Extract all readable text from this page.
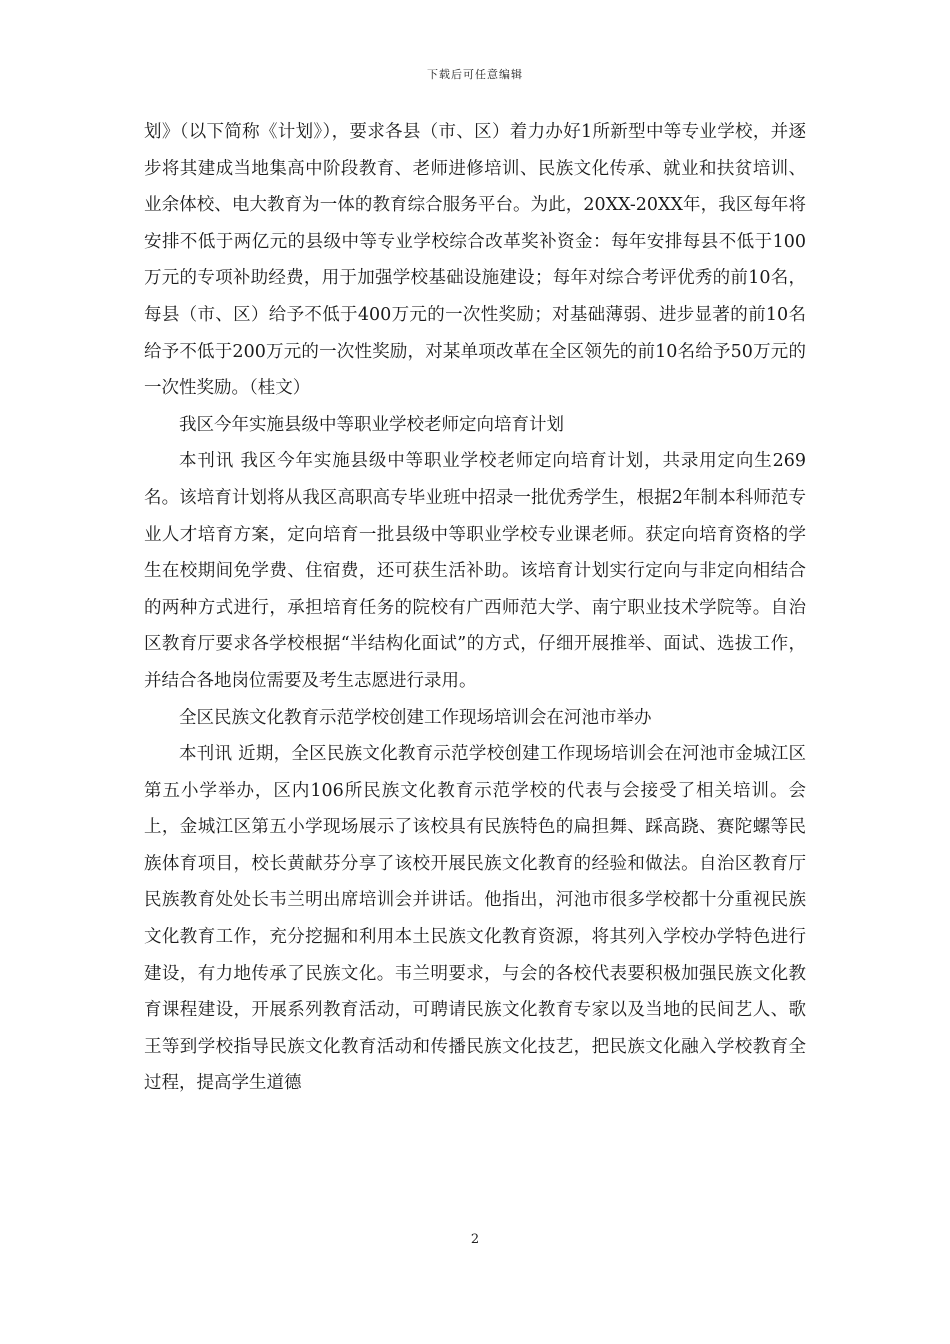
下载后可任意编辑

划》（以下简称《计划》），要求各县（市、区）着力办好1所新型中等专业学校，并逐步将其建成当地集高中阶段教育、老师进修培训、民族文化传承、就业和扶贫培训、业余体校、电大教育为一体的教育综合服务平台。为此，20XX-20XX年，我区每年将安排不低于两亿元的县级中等专业学校综合改革奖补资金：每年安排每县不低于100万元的专项补助经费，用于加强学校基础设施建设；每年对综合考评优秀的前10名，每县（市、区）给予不低于400万元的一次性奖励；对基础薄弱、进步显著的前10名给予不低于200万元的一次性奖励，对某单项改革在全区领先的前10名给予50万元的一次性奖励。（桂文）

我区今年实施县级中等职业学校老师定向培育计划

本刊讯 我区今年实施县级中等职业学校老师定向培育计划，共录用定向生269名。该培育计划将从我区高职高专毕业班中招录一批优秀学生，根据2年制本科师范专业人才培育方案，定向培育一批县级中等职业学校专业课老师。获定向培育资格的学生在校期间免学费、住宿费，还可获生活补助。该培育计划实行定向与非定向相结合的两种方式进行，承担培育任务的院校有广西师范大学、南宁职业技术学院等。自治区教育厅要求各学校根据“半结构化面试”的方式，仔细开展推举、面试、选拔工作，并结合各地岗位需要及考生志愿进行录用。

全区民族文化教育示范学校创建工作现场培训会在河池市举办

本刊讯 近期，全区民族文化教育示范学校创建工作现场培训会在河池市金城江区第五小学举办，区内106所民族文化教育示范学校的代表与会接受了相关培训。会上，金城江区第五小学现场展示了该校具有民族特色的扁担舞、踩高跷、赛陀螺等民族体育项目，校长黄献芬分享了该校开展民族文化教育的经验和做法。自治区教育厅民族教育处处长韦兰明出席培训会并讲话。他指出，河池市很多学校都十分重视民族文化教育工作，充分挖掘和利用本土民族文化教育资源，将其列入学校办学特色进行建设，有力地传承了民族文化。韦兰明要求，与会的各校代表要积极加强民族文化教育课程建设，开展系列教育活动，可聘请民族文化教育专家以及当地的民间艺人、歌王等到学校指导民族文化教育活动和传播民族文化技艺，把民族文化融入学校教育全过程，提高学生道德

2
